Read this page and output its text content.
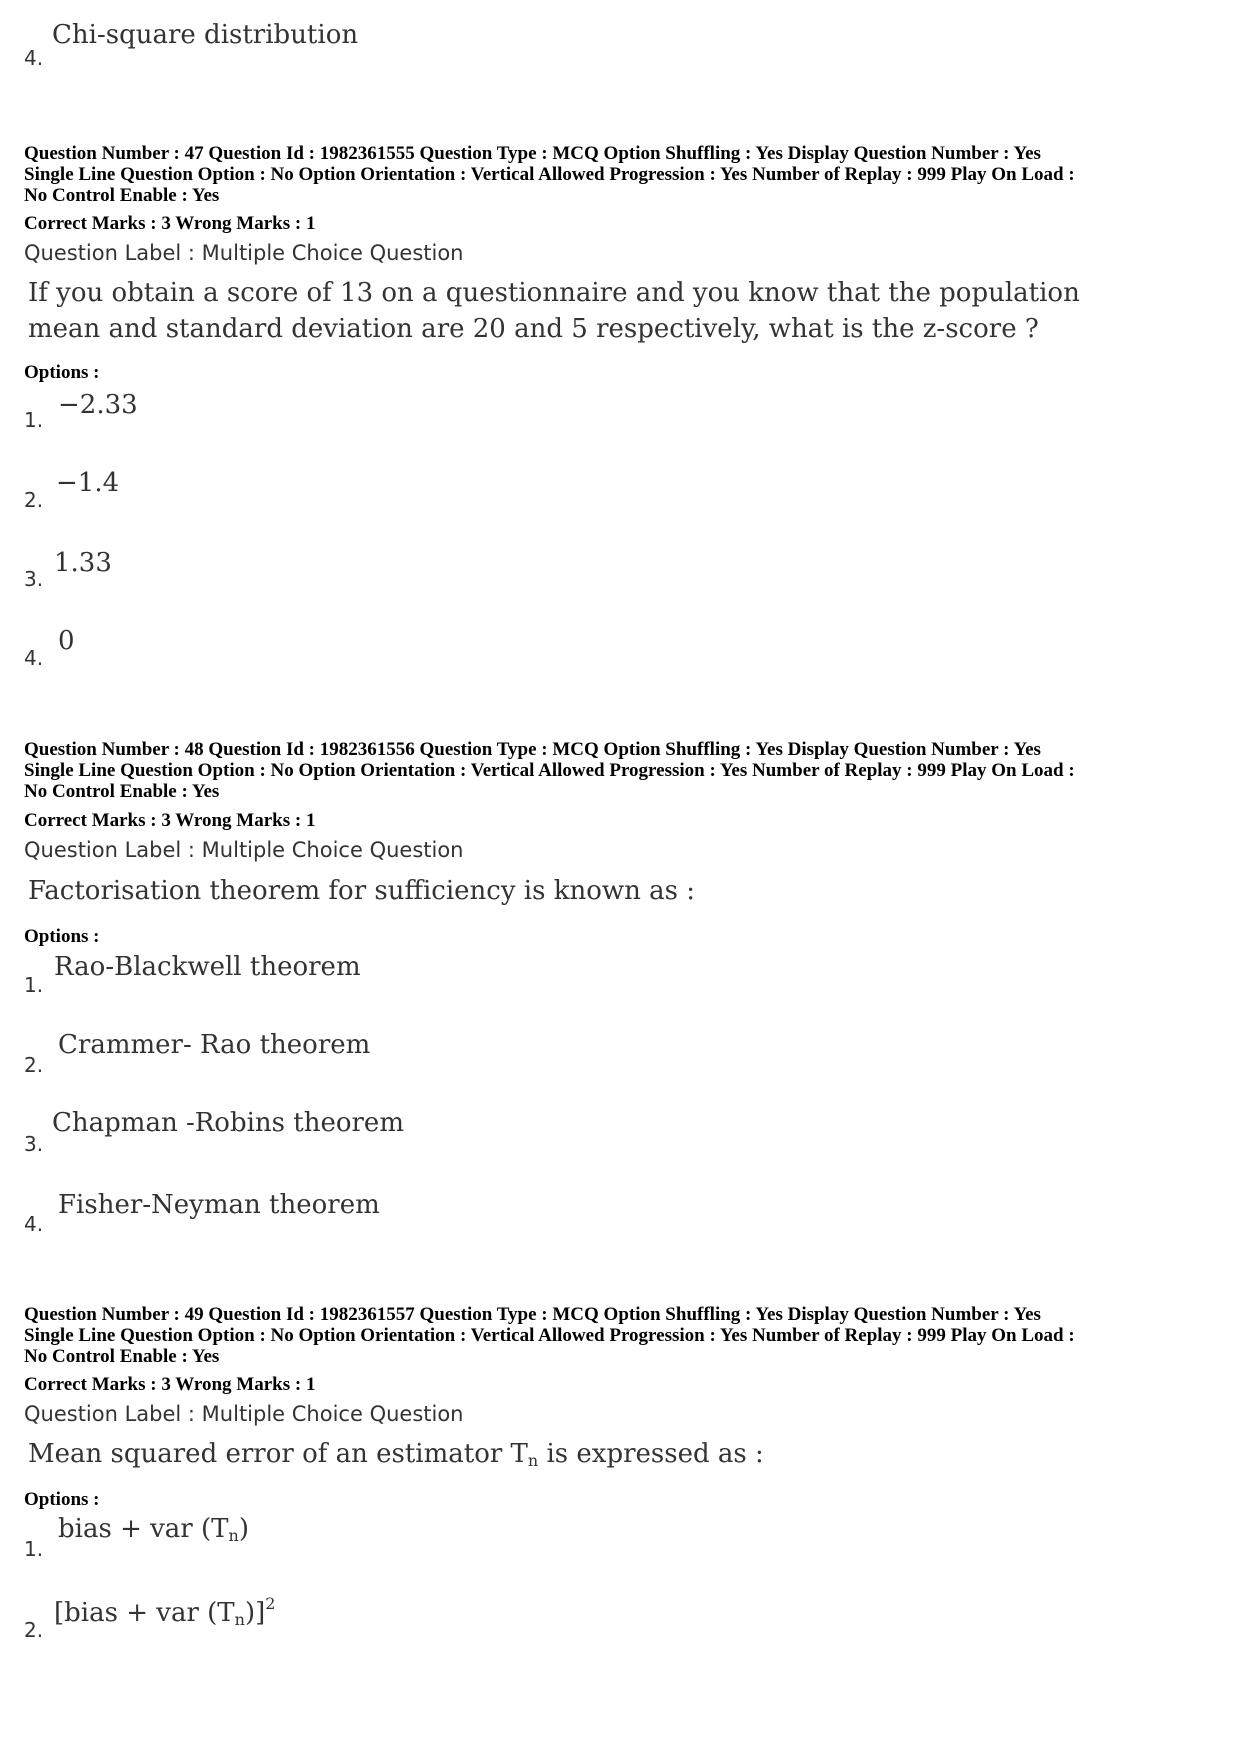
4.
Chi-square distribution
Question Number : 47 Question Id : 1982361555 Question Type : MCQ Option Shuffling : Yes Display Question Number : Yes
Single Line Question Option : No Option Orientation : Vertical Allowed Progression : Yes Number of Replay : 999 Play On Load :
No Control Enable : Yes
Correct Marks : 3 Wrong Marks : 1
Question Label : Multiple Choice Question
If you obtain a score of 13 on a questionnaire and you know that the population
mean and standard deviation are 20 and 5 respectively, what is the z-score ?
Options :
1. −2.33
2.
−1.4
3.
1.33
4.
0
Question Number : 48 Question Id : 1982361556 Question Type : MCQ Option Shuffling : Yes Display Question Number : Yes
Single Line Question Option : No Option Orientation : Vertical Allowed Progression : Yes Number of Replay : 999 Play On Load :
No Control Enable : Yes
Correct Marks : 3 Wrong Marks : 1
Question Label : Multiple Choice Question
Factorisation theorem for sufficiency is known as :
Options :
1.
Rao-Blackwell theorem
2.
Crammer- Rao theorem
3.
Chapman -Robins theorem
4.
Fisher-Neyman theorem
Question Number : 49 Question Id : 1982361557 Question Type : MCQ Option Shuffling : Yes Display Question Number : Yes
Single Line Question Option : No Option Orientation : Vertical Allowed Progression : Yes Number of Replay : 999 Play On Load :
No Control Enable : Yes
Correct Marks : 3 Wrong Marks : 1
Question Label : Multiple Choice Question
Mean squared error of an estimator $T_n$ is expressed as :
Options :
1.
bias + var $(T_n)$
2.
[bias + var $(T_n)]^2$
